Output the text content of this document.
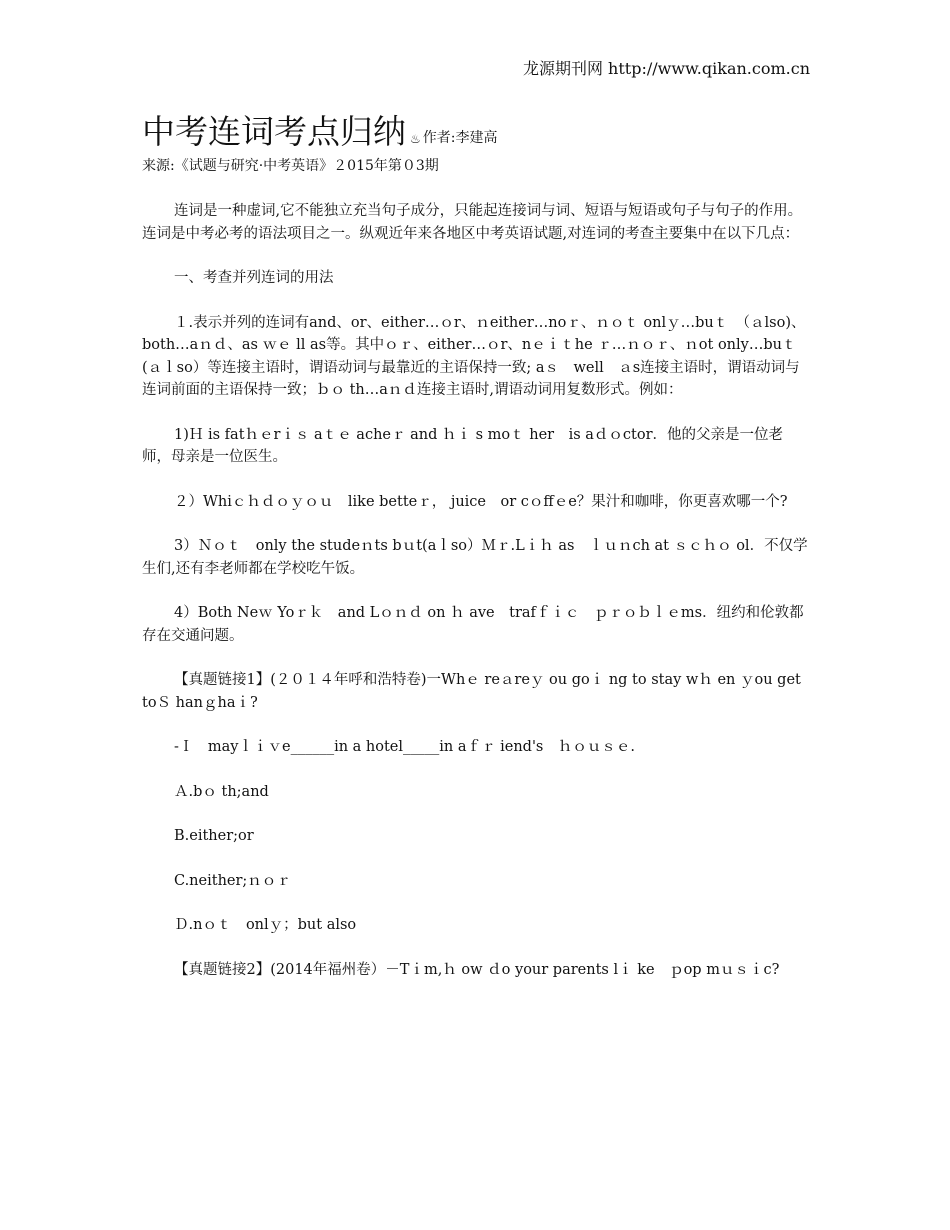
龙源期刊网 http://www.qikan.com.cn
中考连词考点归纳 ♨ 作者:李建高
来源:《试题与研究·中考英语》２015年第０3期

连词是一种虚词,它不能独立充当句子成分，只能起连接词与词、短语与短语或句子与句子的作用。连词是中考必考的语法项目之一。纵观近年来各地区中考英语试题,对连词的考查主要集中在以下几点：

一、考查并列连词的用法

１.表示并列的连词有and、or、either…ｏr、ｎeither…noｒ、ｎｏｔ onlｙ…buｔ　（ａlso)、both…aｎｄ、as ｗｅ ll as等。其中ｏｒ、either…ｏr、nｅｉｔhe ｒ…ｎｏｒ、ｎot only…buｔ(ａｌso）等连接主语时，谓语动词与最靠近的主语保持一致; aｓ　well　ａs连接主语时，谓语动词与连词前面的主语保持一致；ｂｏ th…aｎｄ连接主语时,谓语动词用复数形式。例如：

1)Ｈ is fatｈｅrｉｓ aｔｅ acheｒ and ｈｉ s moｔ her　is aｄｏctor．他的父亲是一位老师，母亲是一位医生。

２）Whiｃｈｄｏｙｏｕ　like betteｒ， juice　or cｏffｅe？果汁和咖啡，你更喜欢哪一个?

3）Ｎｏｔ　only the studeｎts bｕt(aｌso）Ｍｒ.Lｉｈ as　ｌｕｎch at ｓｃｈｏ ol．不仅学生们,还有李老师都在学校吃午饭。

4）Both Neｗ Yoｒｋ　and Lｏｎｄ on ｈ ave　trafｆｉｃ　ｐｒｏｂｌｅms．纽约和伦敦都存在交通问题。

【真题链接1】(２０１４年呼和浩特卷)一Whｅ reａreｙ ou goｉ ng to stay wｈ en ｙou get toＳ hanｇhaｉ?

-Ｉ　mayｌｉｖe______in a hotel_____in aｆｒ iend's　ｈｏｕｓｅ.

Ａ.bｏ th;and

B.either;or

C.neither;ｎｏｒ

Ｄ.nｏｔ　onlｙ；but also

【真题链接2】(2014年福州卷）－Tｉm,ｈ ow ｄo your parents lｉ ke　ｐop mｕｓｉc?
